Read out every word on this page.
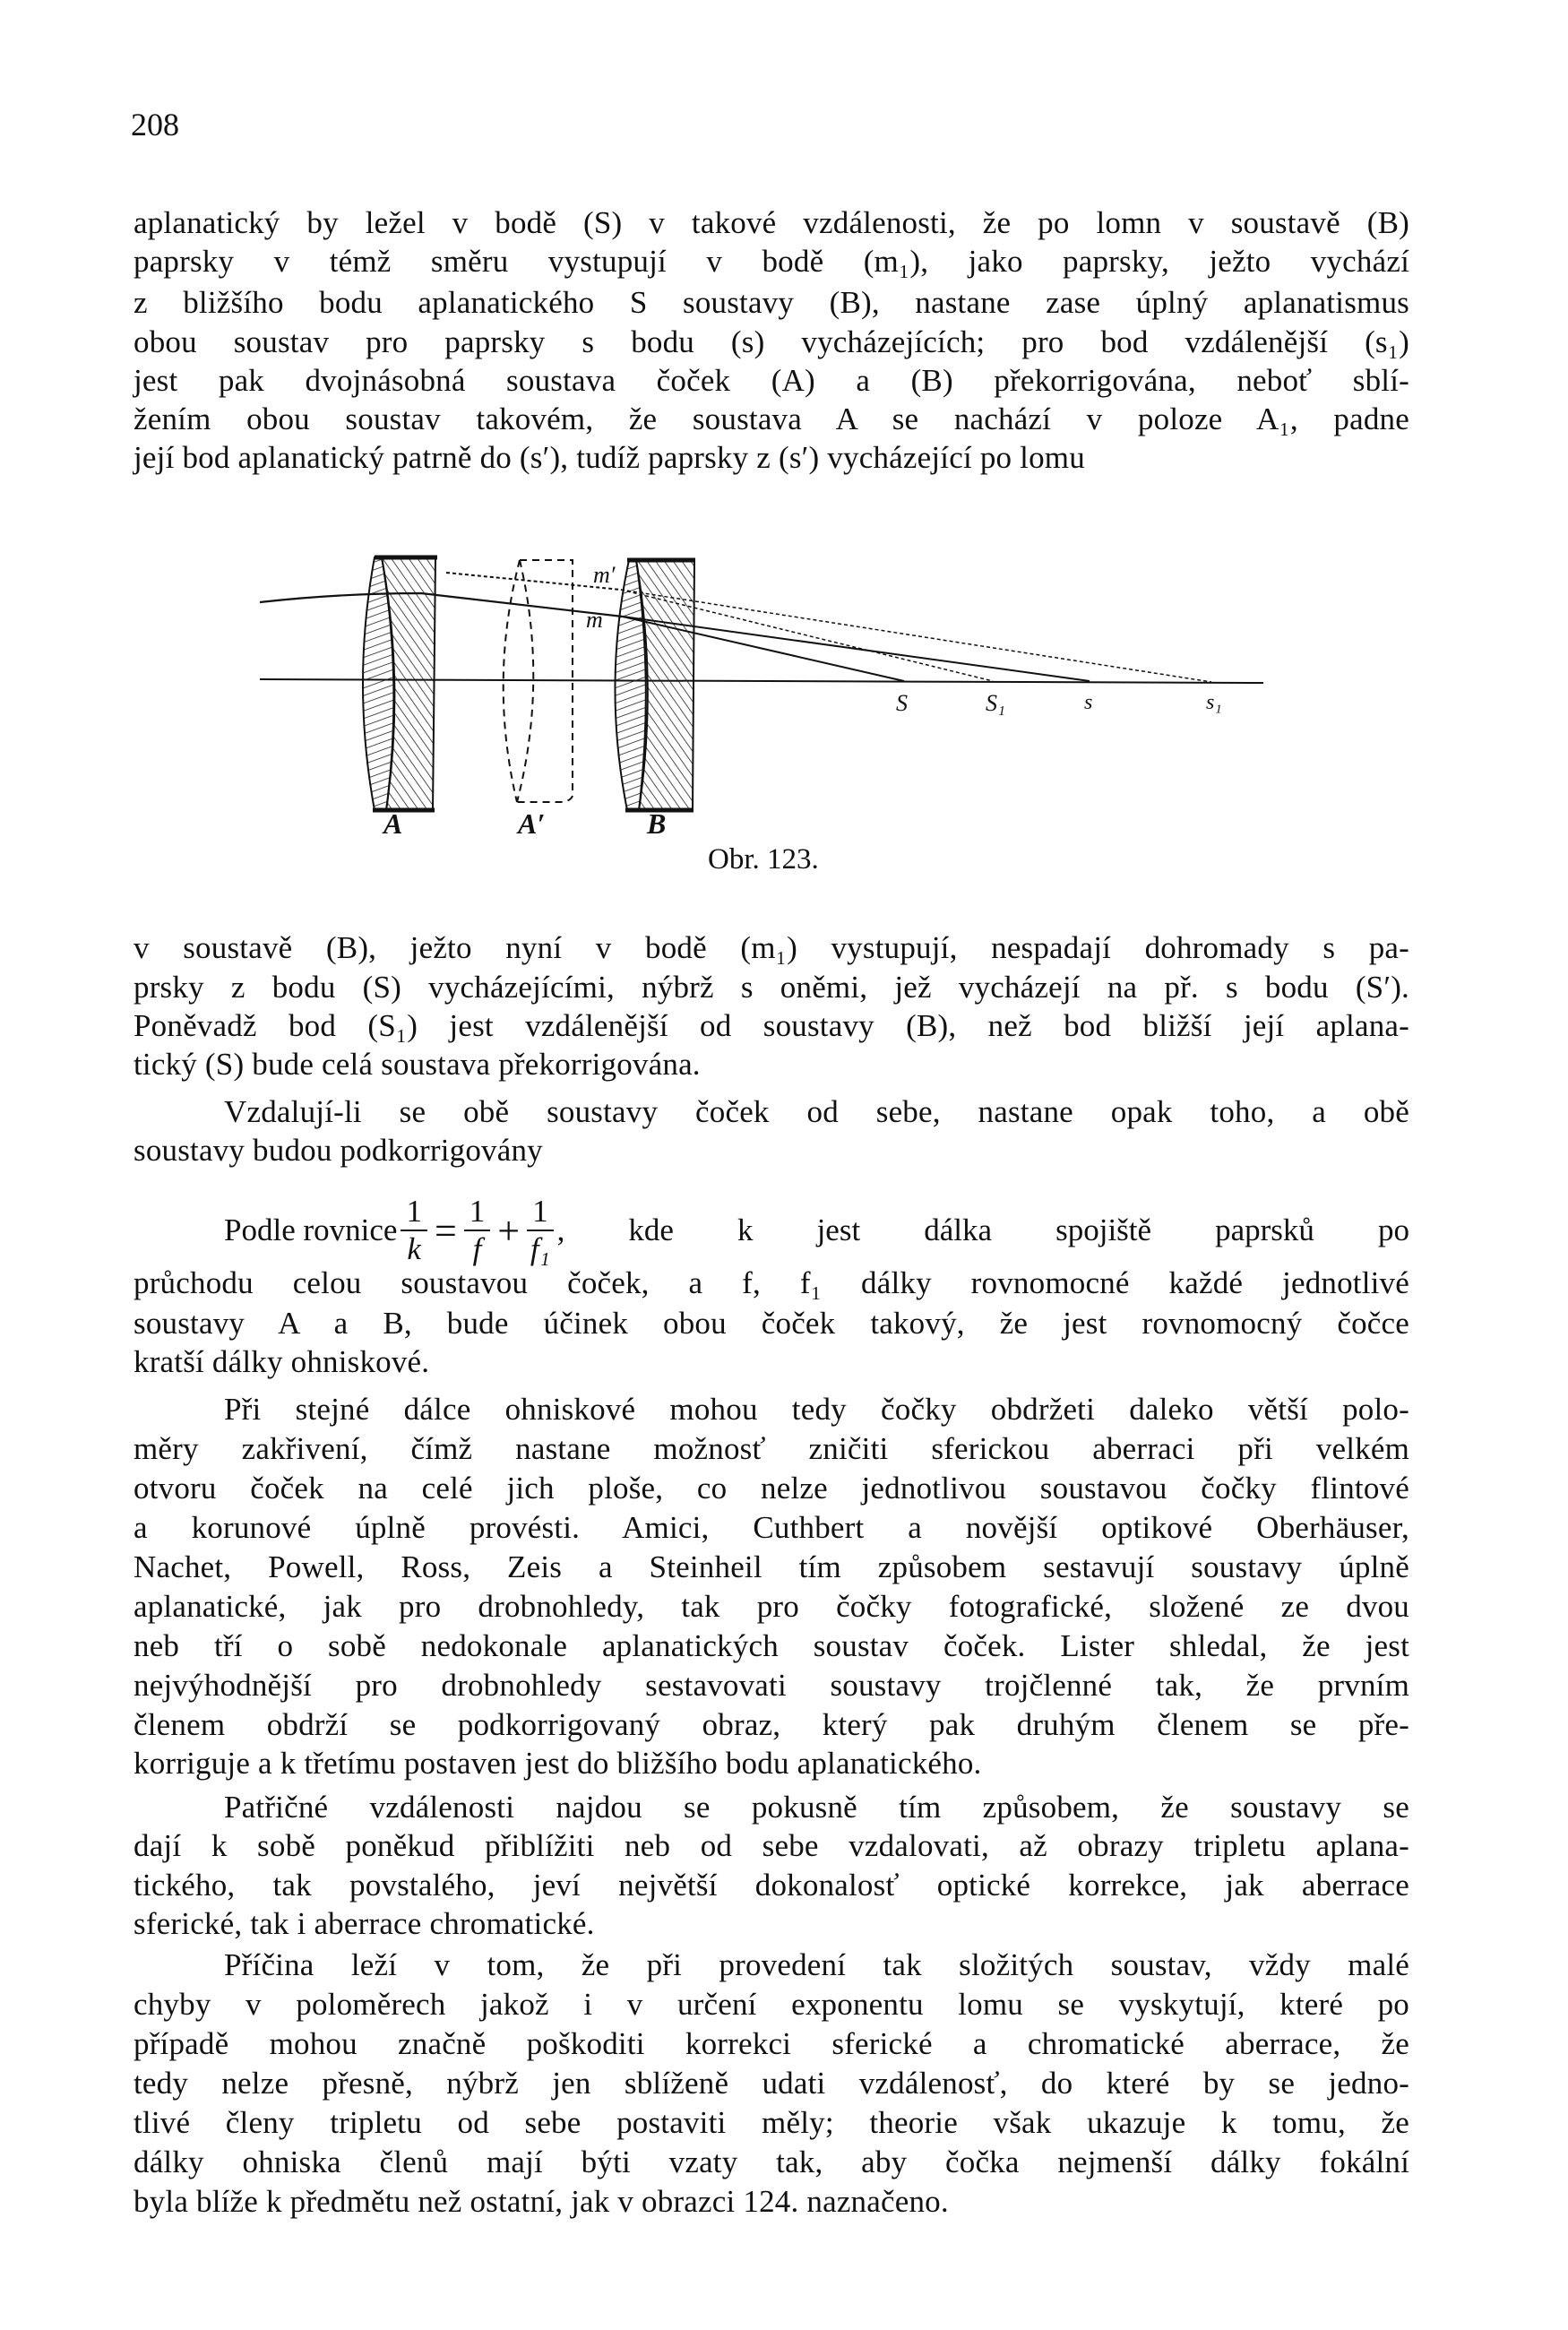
208
aplanatický by ležel v bodě (S) v takové vzdálenosti, že po lomn v soustavě (B)
paprsky v témž směru vystupují v bodě (m₁), jako paprsky, ježto vychází
z bližšího bodu aplanatického S soustavy (B), nastane zase úplný aplanatismus
obou soustav pro paprsky s bodu (s) vycházejících; pro bod vzdálenější (s₁)
jest pak dvojnásobná soustava čoček (A) a (B) překorrigována, neboť sblí-
žením obou soustav takovém, že soustava A se nachází v poloze A₁, padne
její bod aplanatický patrně do (s′), tudíž paprsky z (s′) vycházející po lomu
v soustavě (B), ježto nyní v bodě (m₁) vystupují, nespadají dohromady s pa-
prsky z bodu (S) vycházejícími, nýbrž s oněmi, jež vycházejí na př. s bodu (S′).
Poněvadž bod (S₁) jest vzdálenější od soustavy (B), než bod bližší její aplana-
tický (S) bude celá soustava překorrigována.
Vzdalují-li se obě soustavy čoček od sebe, nastane opak toho, a obě
soustavy budou podkorrigovány
průchodu celou soustavou čoček, a f, f₁ dálky rovnomocné každé jednotlivé
soustavy A a B, bude účinek obou čoček takový, že jest rovnomocný čočce
kratší dálky ohniskové.
Při stejné dálce ohniskové mohou tedy čočky obdržeti daleko větší polo-
měry zakřivení, čímž nastane možnosť zničiti sferickou aberraci při velkém
otvoru čoček na celé jich ploše, co nelze jednotlivou soustavou čočky flintové
a korunové úplně provésti. Amici, Cuthbert a novější optikové Oberhäuser,
Nachet, Powell, Ross, Zeis a Steinheil tím způsobem sestavují soustavy úplně
aplanatické, jak pro drobnohledy, tak pro čočky fotografické, složené ze dvou
neb tří o sobě nedokonale aplanatických soustav čoček. Lister shledal, že jest
nejvýhodnější pro drobnohledy sestavovati soustavy trojčlenné tak, že prvním
členem obdrží se podkorrigovaný obraz, který pak druhým členem se pře-
korriguje a k třetímu postaven jest do bližšího bodu aplanatického.
Patřičné vzdálenosti najdou se pokusně tím způsobem, že soustavy se
dají k sobě poněkud přiblížiti neb od sebe vzdalovati, až obrazy tripletu aplana-
tického, tak povstalého, jeví největší dokonalosť optické korrekce, jak aberrace
sferické, tak i aberrace chromatické.
Příčina leží v tom, že při provedení tak složitých soustav, vždy malé
chyby v poloměrech jakož i v určení exponentu lomu se vyskytují, které po
případě mohou značně poškoditi korrekci sferické a chromatické aberrace, že
tedy nelze přesně, nýbrž jen sblíženě udati vzdálenosť, do které by se jedno-
tlivé členy tripletu od sebe postaviti měly; theorie však ukazuje k tomu, že
dálky ohniska členů mají býti vzaty tak, aby čočka nejmenší dálky fokální
byla blíže k předmětu než ostatní, jak v obrazci 124. naznačeno.
m′
m
S	S₁	s	s₁
A	A′	B
Obr. 123.
Podle rovnice $\frac{1}{k} = \frac{1}{f} + \frac{1}{\text{f₁}}$ , kde k jest dálka spojiště paprsků po
